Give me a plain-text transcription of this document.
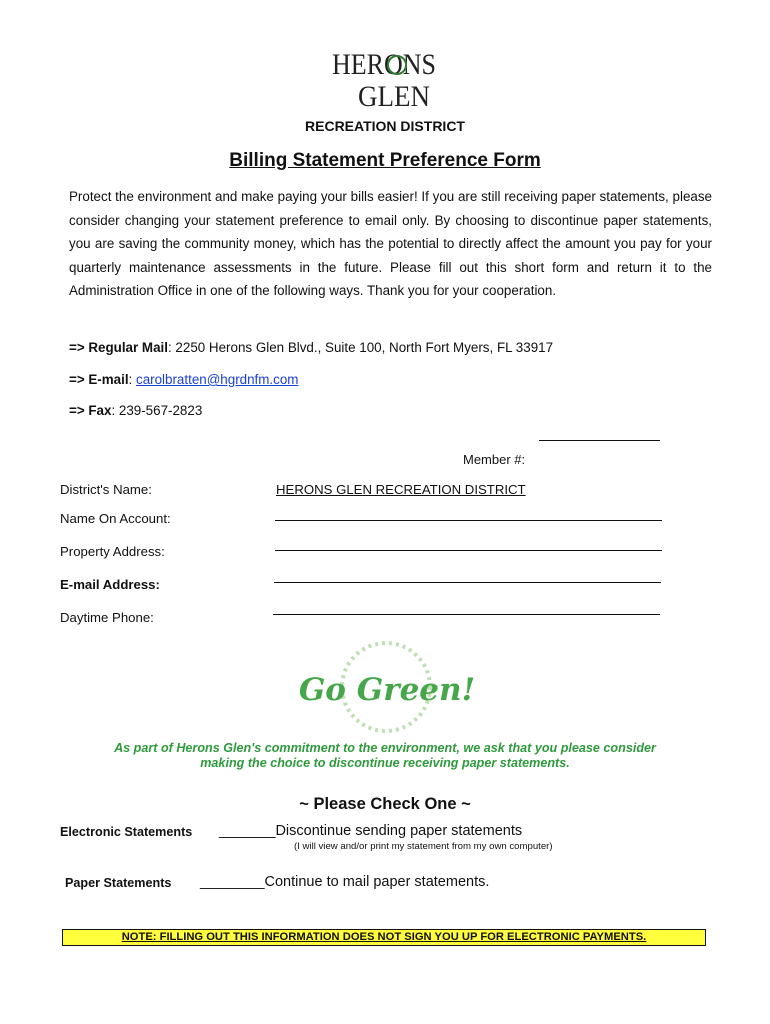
HERONS
GLEN
RECREATION DISTRICT
Billing Statement Preference Form
Protect the environment and make paying your bills easier! If you are still receiving paper statements, please consider changing your statement preference to email only. By choosing to discontinue paper statements, you are saving the community money, which has the potential to directly affect the amount you pay for your quarterly maintenance assessments in the future. Please fill out this short form and return it to the Administration Office in one of the following ways. Thank you for your cooperation.
=> Regular Mail: 2250 Herons Glen Blvd., Suite 100, North Fort Myers, FL 33917
=> E-mail: carolbratten@hgrdnfm.com
=> Fax: 239-567-2823
Member #:
District's Name:	HERONS GLEN RECREATION DISTRICT
Name On Account:
Property Address:
E-mail Address:
Daytime Phone:
Go Green!
As part of Herons Glen's commitment to the environment, we ask that you please consider
making the choice to discontinue receiving paper statements.
~ Please Check One ~
Electronic Statements _______Discontinue sending paper statements
(I will view and/or print my statement from my own computer)
Paper Statements ________Continue to mail paper statements.
NOTE: FILLING OUT THIS INFORMATION DOES NOT SIGN YOU UP FOR ELECTRONIC PAYMENTS.
